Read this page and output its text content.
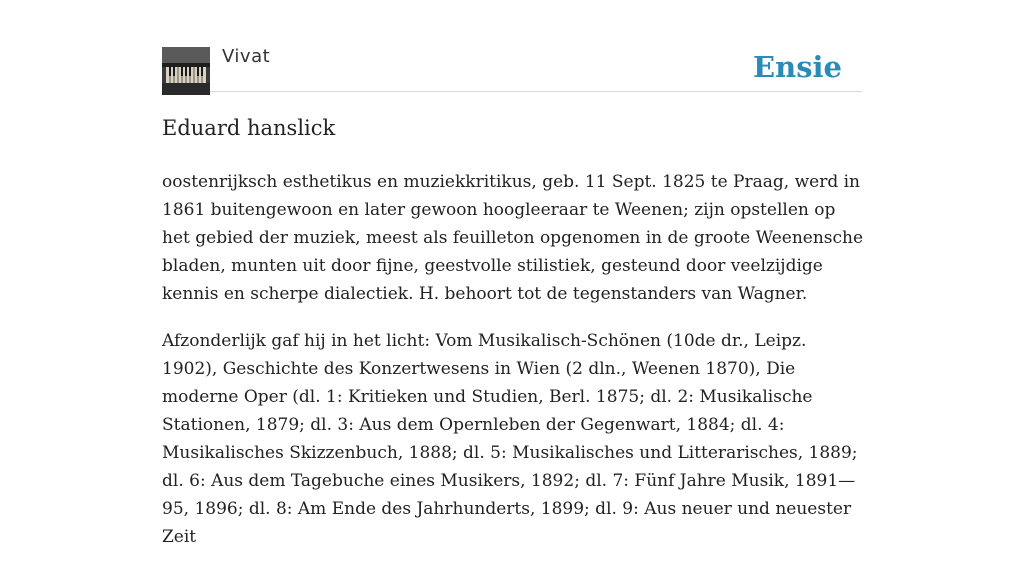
Vivat	Ensie
Eduard hanslick

oostenrijksch esthetikus en muziekkritikus, geb. 11 Sept. 1825 te Praag, werd in 1861 buitengewoon en later gewoon hoogleeraar te Weenen; zijn opstellen op het gebied der muziek, meest als feuilleton opgenomen in de groote Weenensche bladen, munten uit door fijne, geestvolle stilistiek, gesteund door veelzijdige kennis en scherpe dialectiek. H. behoort tot de tegenstanders van Wagner.

Afzonderlijk gaf hij in het licht: Vom Musikalisch-Schönen (10de dr., Leipz. 1902), Geschichte des Konzertwesens in Wien (2 dln., Weenen 1870), Die moderne Oper (dl. 1: Kritieken und Studien, Berl. 1875; dl. 2: Musikalische Stationen, 1879; dl. 3: Aus dem Opernleben der Gegenwart, 1884; dl. 4: Musikalisches Skizzenbuch, 1888; dl. 5: Musikalisches und Litterarisches, 1889; dl. 6: Aus dem Tagebuche eines Musikers, 1892; dl. 7: Fünf Jahre Musik, 1891—95, 1896; dl. 8: Am Ende des Jahrhunderts, 1899; dl. 9: Aus neuer und neuester Zeit
